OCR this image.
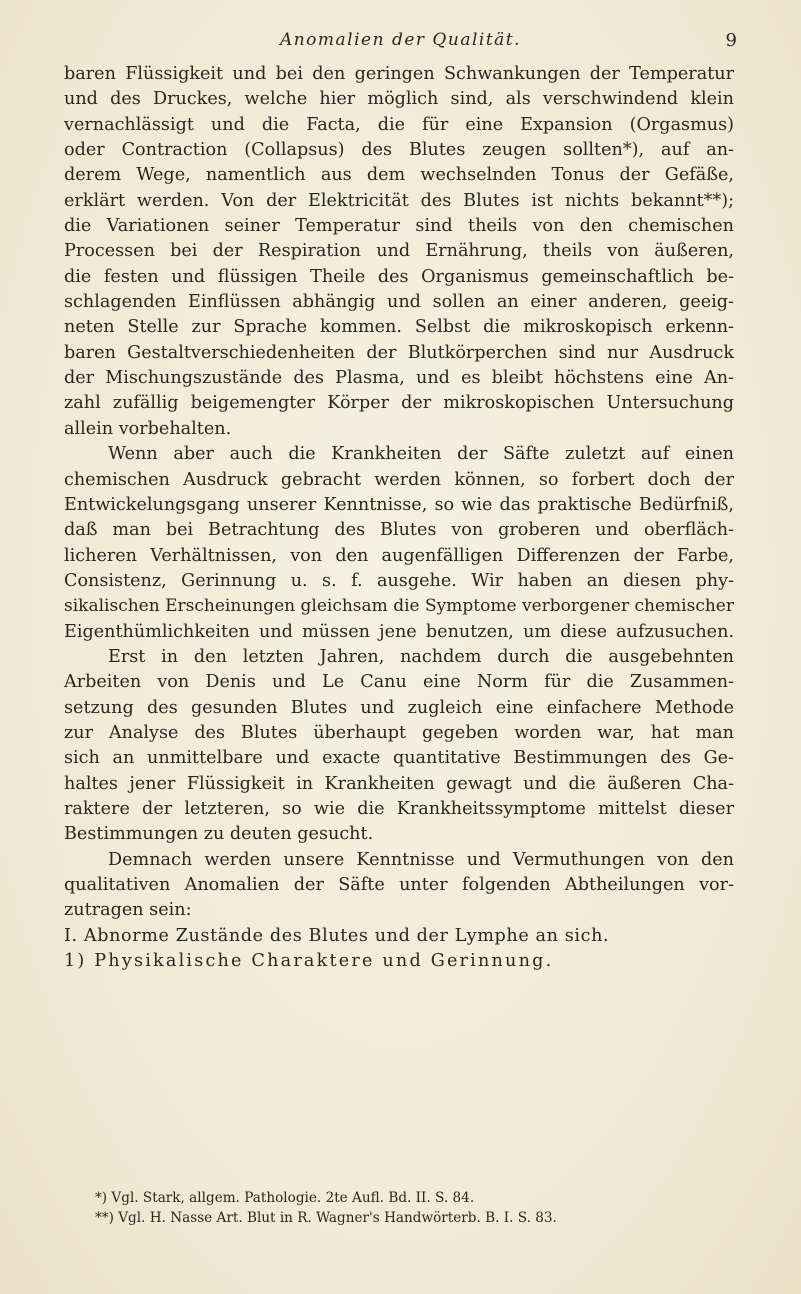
Anomalien der Qualität.	9
baren Flüssigkeit und bei den geringen Schwankungen der Temperatur
und des Druckes, welche hier möglich sind, als verschwindend klein
vernachlässigt und die Facta, die für eine Expansion (Orgasmus)
oder Contraction (Collapsus) des Blutes zeugen sollten*), auf an-
derem Wege, namentlich aus dem wechselnden Tonus der Gefäße,
erklärt werden. Von der Elektricität des Blutes ist nichts bekannt**);
die Variationen seiner Temperatur sind theils von den chemischen
Processen bei der Respiration und Ernährung, theils von äußeren,
die festen und flüssigen Theile des Organismus gemeinschaftlich be-
schlagenden Einflüssen abhängig und sollen an einer anderen, geeig-
neten Stelle zur Sprache kommen. Selbst die mikroskopisch erkenn-
baren Gestaltverschiedenheiten der Blutkörperchen sind nur Ausdruck
der Mischungszustände des Plasma, und es bleibt höchstens eine An-
zahl zufällig beigemengter Körper der mikroskopischen Untersuchung
allein vorbehalten.
Wenn aber auch die Krankheiten der Säfte zuletzt auf einen
chemischen Ausdruck gebracht werden können, so forbert doch der
Entwickelungsgang unserer Kenntnisse, so wie das praktische Bedürfniß,
daß man bei Betrachtung des Blutes von groberen und oberfläch-
licheren Verhältnissen, von den augenfälligen Differenzen der Farbe,
Consistenz, Gerinnung u. s. f. ausgehe. Wir haben an diesen phy-
sikalischen Erscheinungen gleichsam die Symptome verborgener chemischer
Eigenthümlichkeiten und müssen jene benutzen, um diese aufzusuchen.
Erst in den letzten Jahren, nachdem durch die ausgebehnten
Arbeiten von Denis und Le Canu eine Norm für die Zusammen-
setzung des gesunden Blutes und zugleich eine einfachere Methode
zur Analyse des Blutes überhaupt gegeben worden war, hat man
sich an unmittelbare und exacte quantitative Bestimmungen des Ge-
haltes jener Flüssigkeit in Krankheiten gewagt und die äußeren Cha-
raktere der letzteren, so wie die Krankheitssymptome mittelst dieser
Bestimmungen zu deuten gesucht.
Demnach werden unsere Kenntnisse und Vermuthungen von den
qualitativen Anomalien der Säfte unter folgenden Abtheilungen vor-
zutragen sein:
I. Abnorme Zustände des Blutes und der Lymphe an sich.
1) Physikalische Charaktere und Gerinnung.
*) Vgl. Stark, allgem. Pathologie. 2te Aufl. Bd. II. S. 84.
**) Vgl. H. Nasse Art. Blut in R. Wagner's Handwörterb. B. I. S. 83.
